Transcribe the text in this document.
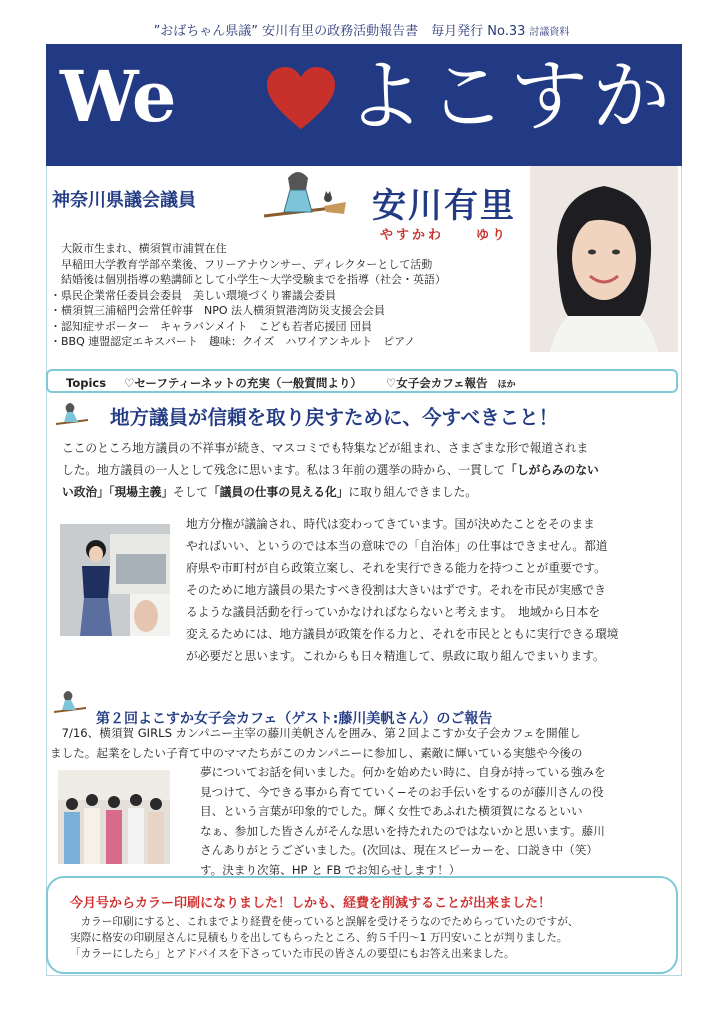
”おばちゃん県議” 安川有里の政務活動報告書　毎月発行 No.33 討議資料
We よこすか
神奈川県議会議員	安川有里
やすかわ　　ゆり
　大阪市生まれ、横須賀市浦賀在住
　早稲田大学教育学部卒業後、フリーアナウンサー、ディレクターとして活動
　結婚後は個別指導の塾講師として小学生〜大学受験までを指導（社会・英語）
・県民企業常任委員会委員　美しい環境づくり審議会委員
・横須賀三浦稲門会常任幹事　NPO 法人横須賀港湾防災支援会会員
・認知症サポーター　キャラバンメイト　こども若者応援団 団員
・BBQ 連盟認定エキスパート　趣味：クイズ　ハワイアンキルト　ピアノ
Topics ♡セーフティーネットの充実（一般質問より） ♡女子会カフェ報告 ほか
地方議員が信頼を取り戻すために、今すべきこと！
ここのところ地方議員の不祥事が続き、マスコミでも特集などが組まれ、さまざまな形で報道されま
した。地方議員の一人として残念に思います。私は３年前の選挙の時から、一貫して「しがらみのない
い政治」「現場主義」そして「議員の仕事の見える化」に取り組んできました。
地方分権が議論され、時代は変わってきています。国が決めたことをそのまま
やればいい、というのでは本当の意味での「自治体」の仕事はできません。都道
府県や市町村が自ら政策立案し、それを実行できる能力を持つことが重要です。
そのために地方議員の果たすべき役割は大きいはずです。それを市民が実感でき
るような議員活動を行っていかなければならないと考えます。　地域から日本を
変えるためには、地方議員が政策を作る力と、それを市民とともに実行できる環境
が必要だと思います。これからも日々精進して、県政に取り組んでまいります。
第２回よこすか女子会カフェ（ゲスト:藤川美帆さん）のご報告
　7/16、横須賀 GIRLS カンパニー主宰の藤川美帆さんを囲み、第２回よこすか女子会カフェを開催し
ました。起業をしたい子育て中のママたちがこのカンパニーに参加し、素敵に輝いている実態や今後の
夢についてお話を伺いました。何かを始めたい時に、自身が持っている強みを
見つけて、今できる事から育てていく−そのお手伝いをするのが藤川さんの役
目、という言葉が印象的でした。輝く女性であふれた横須賀になるといい
なぁ、参加した皆さんがそんな思いを持たれたのではないかと思います。藤川
さんありがとうございました。(次回は、現在スピーカーを、口説き中（笑）
す。決まり次第、HP と FB でお知らせします！）
今月号からカラー印刷になりました！しかも、経費を削減することが出来ました！
　カラー印刷にすると、これまでより経費を使っていると誤解を受けそうなのでためらっていたのですが、
実際に格安の印刷屋さんに見積もりを出してもらったところ、約５千円〜1 万円安いことが判りました。
「カラーにしたら」とアドバイスを下さっていた市民の皆さんの要望にもお答え出来ました。
